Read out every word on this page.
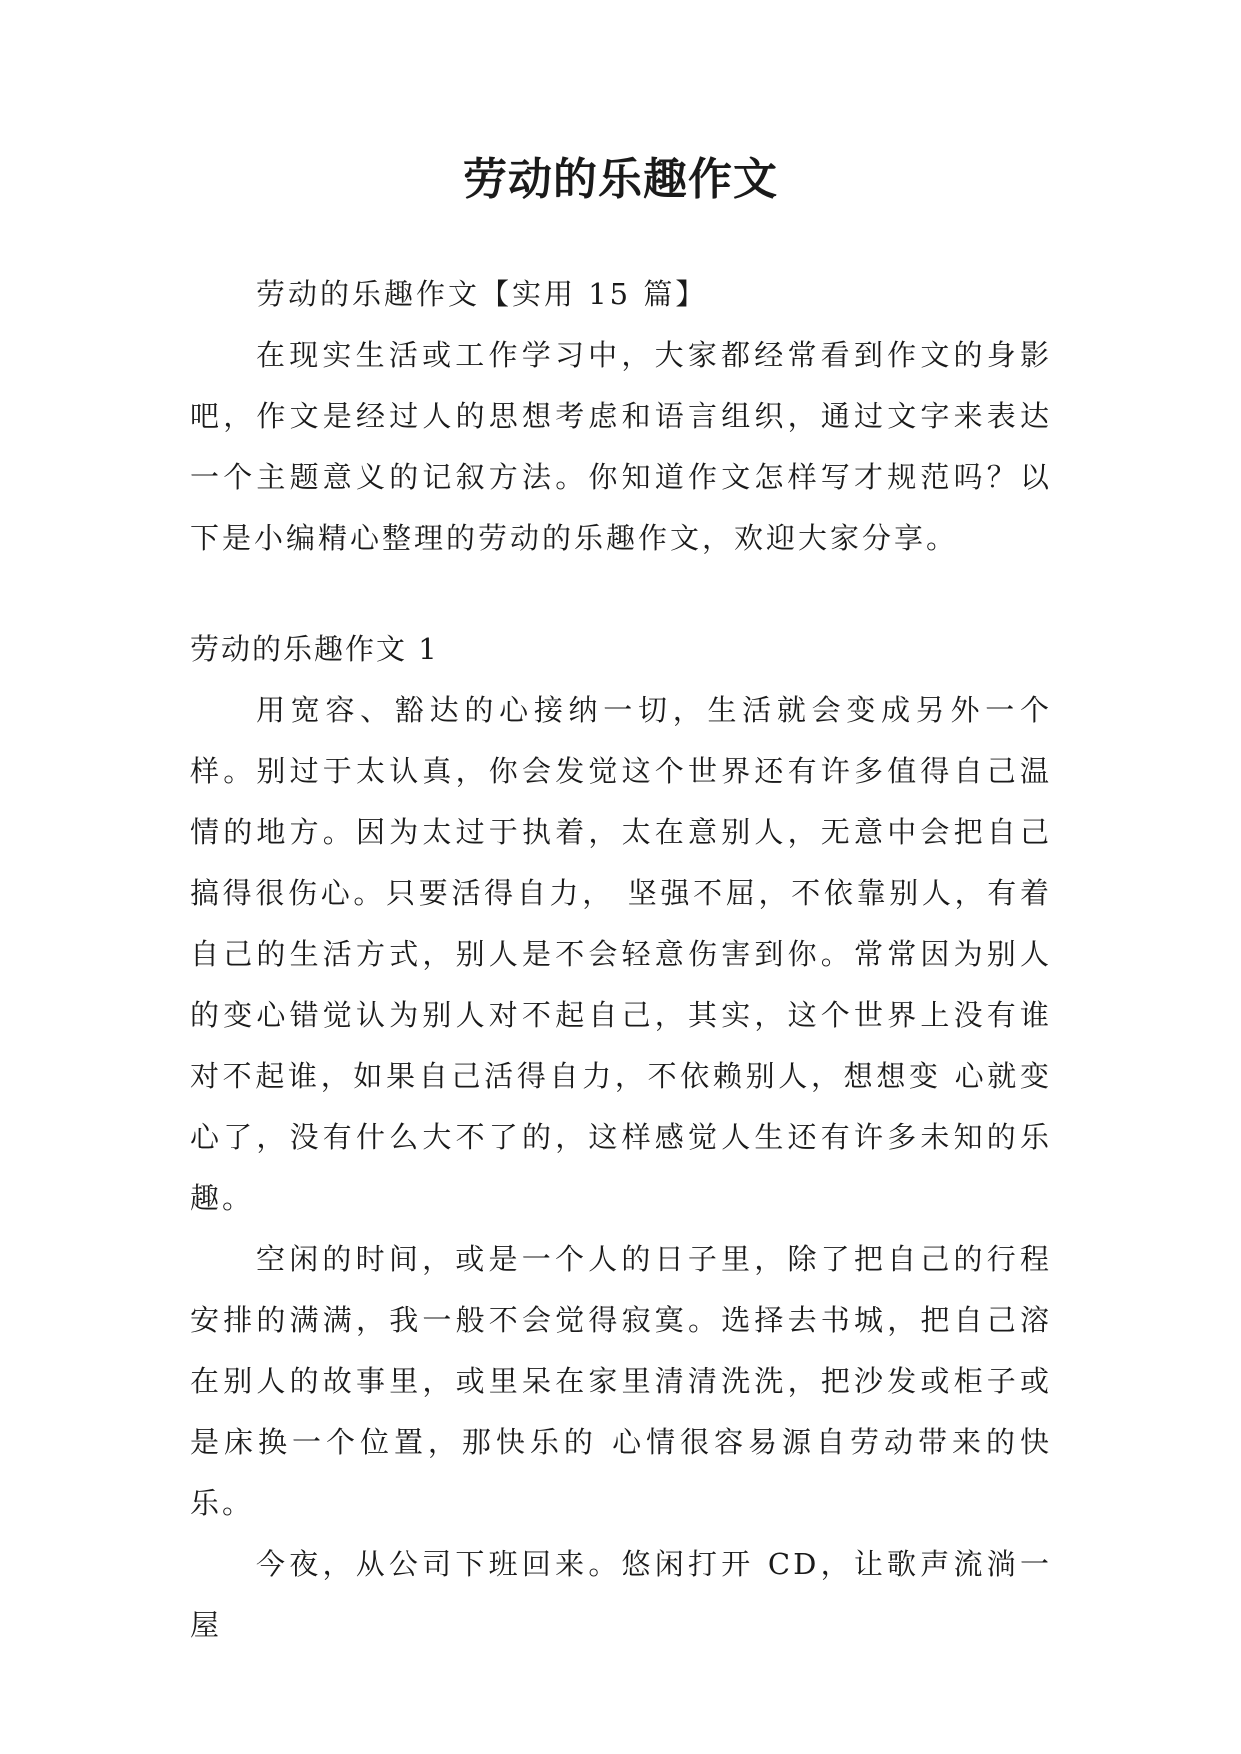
劳动的乐趣作文

劳动的乐趣作文【实用 15 篇】

在现实生活或工作学习中，大家都经常看到作文的身影吧，作文是经过人的思想考虑和语言组织，通过文字来表达一个主题意义的记叙方法。你知道作文怎样写才规范吗？以下是小编精心整理的劳动的乐趣作文，欢迎大家分享。

劳动的乐趣作文 1

用宽容、豁达的心接纳一切，生活就会变成另外一个样。别过于太认真，你会发觉这个世界还有许多值得自己温情的地方。因为太过于执着，太在意别人，无意中会把自己搞得很伤心。只要活得自力， 坚强不屈，不依靠别人，有着自己的生活方式，别人是不会轻意伤害到你。常常因为别人的变心错觉认为别人对不起自己，其实，这个世界上没有谁对不起谁，如果自己活得自力，不依赖别人，想想变 心就变心了，没有什么大不了的，这样感觉人生还有许多未知的乐趣。

空闲的时间，或是一个人的日子里，除了把自己的行程安排的满满，我一般不会觉得寂寞。选择去书城，把自己溶在别人的故事里，或里呆在家里清清洗洗，把沙发或柜子或是床换一个位置，那快乐的 心情很容易源自劳动带来的快乐。

今夜，从公司下班回来。悠闲打开 CD，让歌声流淌一屋
